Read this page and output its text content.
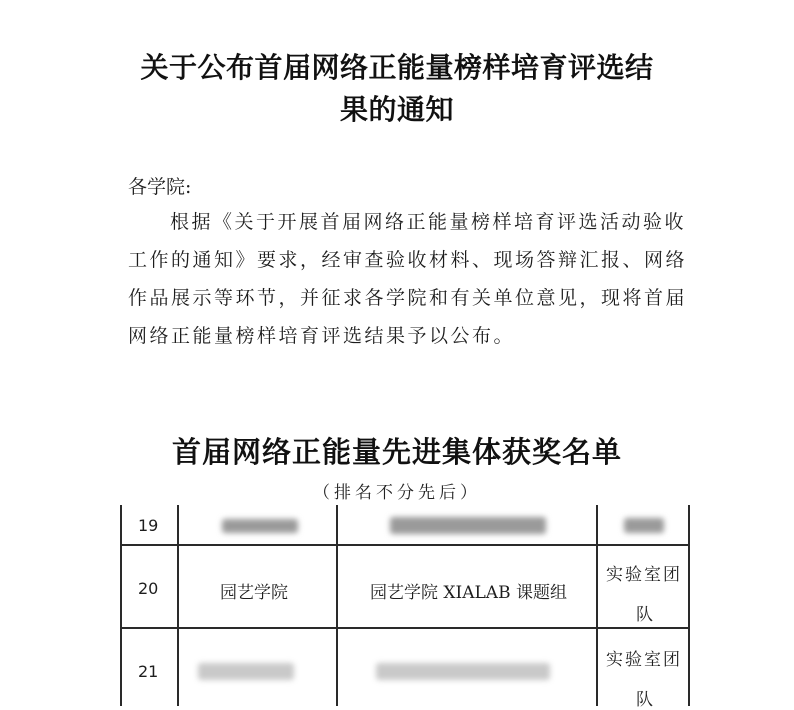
关于公布首届网络正能量榜样培育评选结
果的通知
各学院:
根据《关于开展首届网络正能量榜样培育评选活动验收
工作的通知》要求，经审查验收材料、现场答辩汇报、网络
作品展示等环节，并征求各学院和有关单位意见，现将首届
网络正能量榜样培育评选结果予以公布。
首届网络正能量先进集体获奖名单
（排名不分先后）
19
20	园艺学院	园艺学院 XIALAB 课题组
实验室团
队
21
实验室团
队
